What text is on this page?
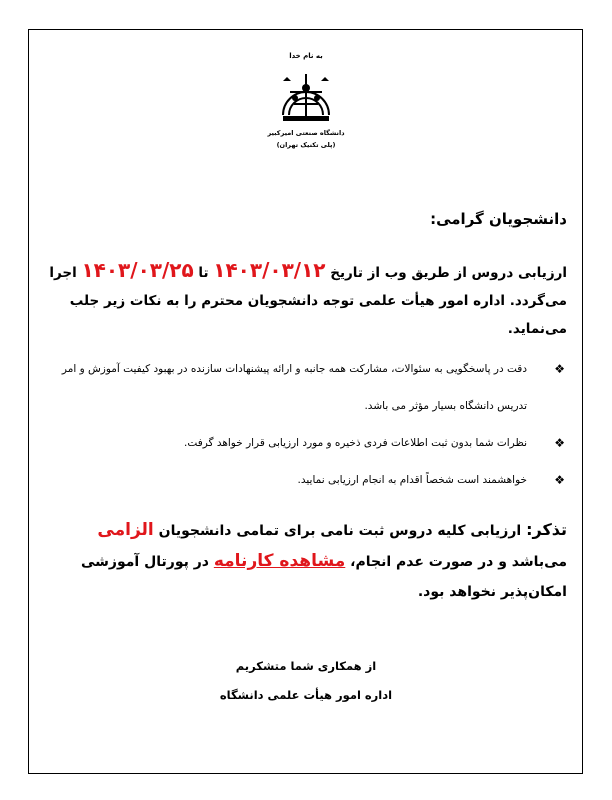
به نام خدا
دانشگاه صنعتی امیرکبیر
(پلی تکنیک تهران)
دانشجویان گرامی:
ارزیابی دروس از طریق وب از تاریخ ۱۴۰۳/۰۳/۱۲ تا ۱۴۰۳/۰۳/۲۵ اجرا می‌گردد. اداره امور هیأت علمی توجه دانشجویان محترم را به نکات زیر جلب می‌نماید.
❖
دقت در پاسخگویی به سئوالات، مشارکت همه جانبه و ارائه پیشنهادات سازنده در بهبود کیفیت آموزش و امر تدریس دانشگاه بسیار مؤثر می باشد.
❖
نظرات شما بدون ثبت اطلاعات فردی ذخیره و مورد ارزیابی قرار خواهد گرفت.
❖
خواهشمند است شخصاً اقدام به انجام ارزیابی نمایید.
تذکر: ارزیابی کلیه دروس ثبت نامی برای تمامی دانشجویان الزامی می‌باشد و در صورت عدم انجام، مشاهده کارنامه در پورتال آموزشی امکان‌پذیر نخواهد بود.
از همکاری شما متشکریم
اداره امور هیأت علمی دانشگاه
